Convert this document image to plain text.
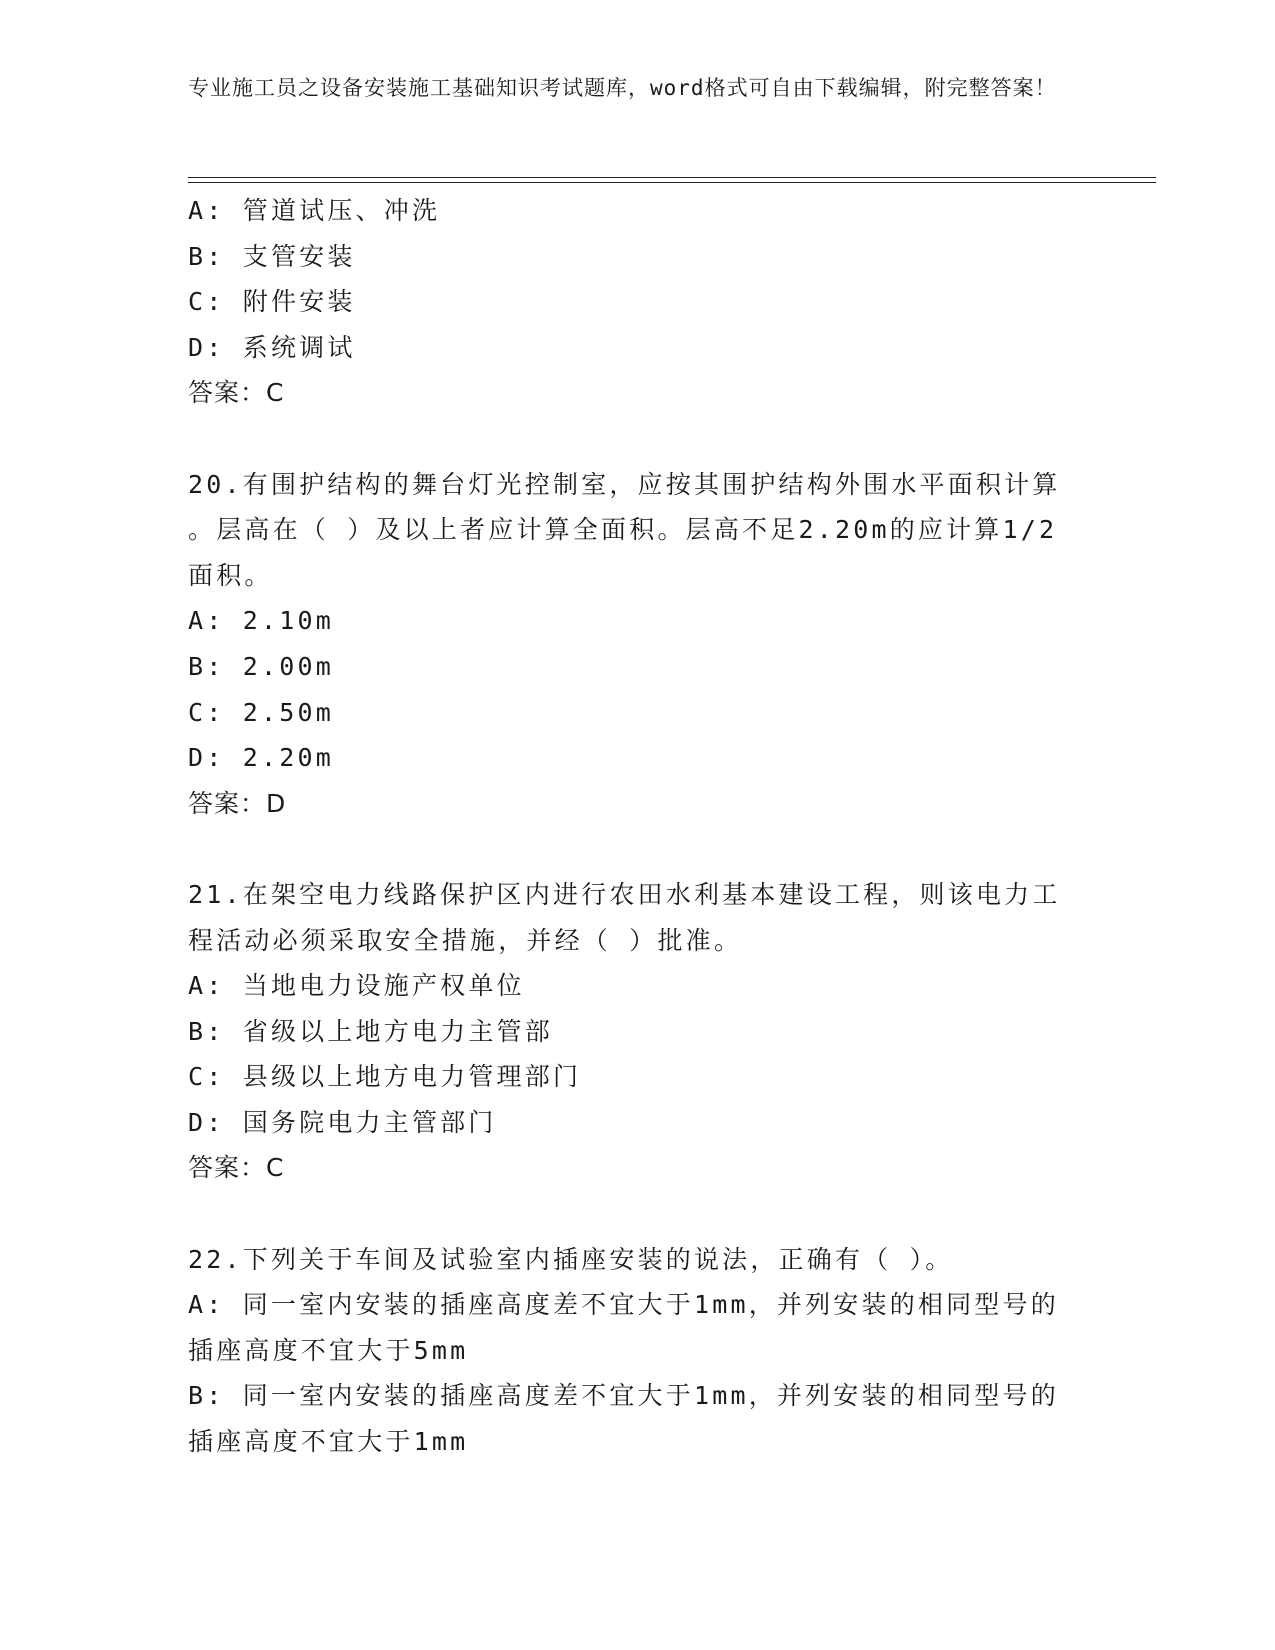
专业施工员之设备安装施工基础知识考试题库，word格式可自由下载编辑，附完整答案！
A: 管道试压、冲洗
B: 支管安装
C: 附件安装
D: 系统调试
答案：C
20.有围护结构的舞台灯光控制室，应按其围护结构外围水平面积计算
。层高在（ ）及以上者应计算全面积。层高不足2.20m的应计算1/2
面积。
A: 2.10m
B: 2.00m
C: 2.50m
D: 2.20m
答案：D
21.在架空电力线路保护区内进行农田水利基本建设工程，则该电力工
程活动必须采取安全措施，并经（ ）批准。
A: 当地电力设施产权单位
B: 省级以上地方电力主管部
C: 县级以上地方电力管理部门
D: 国务院电力主管部门
答案：C
22.下列关于车间及试验室内插座安装的说法，正确有（ ）。
A: 同一室内安装的插座高度差不宜大于1mm，并列安装的相同型号的
插座高度不宜大于5mm
B: 同一室内安装的插座高度差不宜大于1mm，并列安装的相同型号的
插座高度不宜大于1mm
